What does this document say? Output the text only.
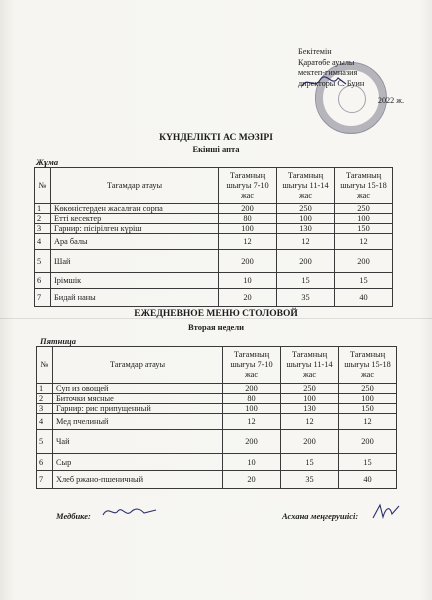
Бекітемін
Қаратөбе ауылы
мектеп-гимназия
директоры С. Буин
2022 ж.
КҮНДЕЛІКТІ АС МӘЗІРІ
Екінші апта
Жұма
№	Тағамдар атауы	Тағамның шығуы 7-10 жас	Тағамның шығуы 11-14 жас	Тағамның шығуы 15-18 жас
1	Көкөністерден жасалған сорпа	200	250	250
2	Етті кесектер	80	100	100
3	Гарнир: пісірілген күріш	100	130	150
4	Ара балы	12	12	12
5	Шай	200	200	200
6	Ірімшік	10	15	15
7	Бидай наны	20	35	40
ЕЖЕДНЕВНОЕ МЕНЮ СТОЛОВОЙ
Вторая недели
Пятница
№	Тағамдар атауы	Тағамның шығуы 7-10 жас	Тағамның шығуы 11-14 жас	Тағамның шығуы 15-18 жас
1	Суп из овощей	200	250	250
2	Биточки мясные	80	100	100
3	Гарнир: рис припущенный	100	130	150
4	Мед пчелиный	12	12	12
5	Чай	200	200	200
6	Сыр	10	15	15
7	Хлеб ржано-пшеничный	20	35	40
Медбике:	Асхана меңгерушісі:
